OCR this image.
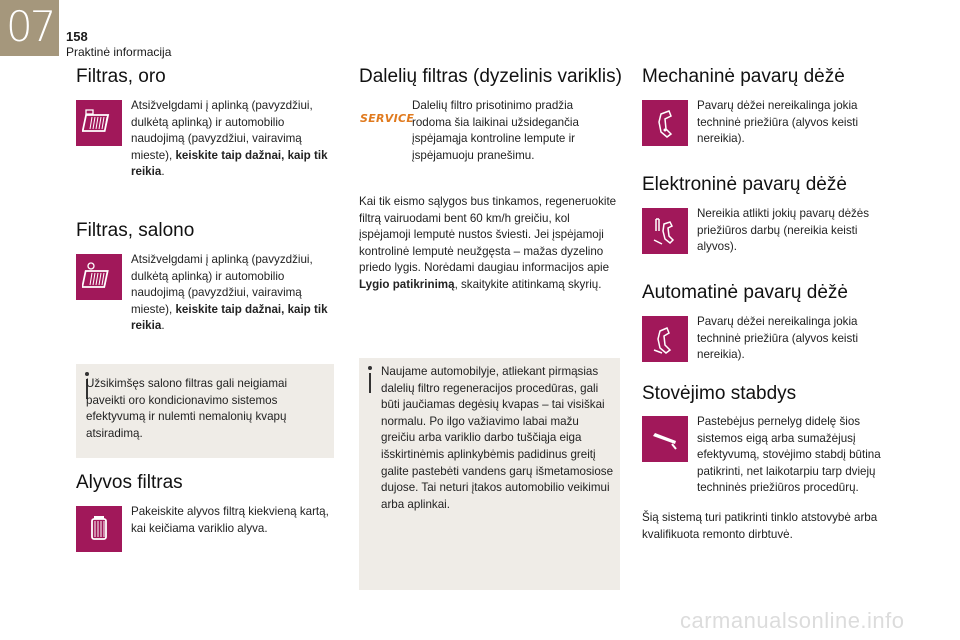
07 158
Praktinė informacija
Filtras, oro
Atsižvelgdami į aplinką (pavyzdžiui, dulkėtą aplinką) ir automobilio naudojimą (pavyzdžiui, vairavimą mieste), keiskite taip dažnai, kaip tik reikia.
Filtras, salono
Atsižvelgdami į aplinką (pavyzdžiui, dulkėtą aplinką) ir automobilio naudojimą (pavyzdžiui, vairavimą mieste), keiskite taip dažnai, kaip tik reikia.
Užsikimšęs salono filtras gali neigiamai paveikti oro kondicionavimo sistemos efektyvumą ir nulemti nemalonių kvapų atsiradimą.
Alyvos filtras
Pakeiskite alyvos filtrą kiekvieną kartą, kai keičiama variklio alyva.
Dalelių filtras (dyzelinis variklis)
SERVICE
Dalelių filtro prisotinimo pradžia rodoma šia laikinai užsidegančia įspėjamąja kontroline lempute ir įspėjamuoju pranešimu.
Kai tik eismo sąlygos bus tinkamos, regeneruokite filtrą vairuodami bent 60 km/h greičiu, kol įspėjamoji lemputė nustos šviesti. Jei įspėjamoji kontrolinė lemputė neužgęsta – mažas dyzelino priedo lygis. Norėdami daugiau informacijos apie Lygio patikrinimą, skaitykite atitinkamą skyrių.
Naujame automobilyje, atliekant pirmąsias dalelių filtro regeneracijos procedūras, gali būti jaučiamas degėsių kvapas – tai visiškai normalu. Po ilgo važiavimo labai mažu greičiu arba variklio darbo tuščiąja eiga išskirtinėmis aplinkybėmis padidinus greitį galite pastebėti vandens garų išmetamosiose dujose. Tai neturi įtakos automobilio veikimui arba aplinkai.
Mechaninė pavarų dėžė
Pavarų dėžei nereikalinga jokia techninė priežiūra (alyvos keisti nereikia).
Elektroninė pavarų dėžė
Nereikia atlikti jokių pavarų dėžės priežiūros darbų (nereikia keisti alyvos).
Automatinė pavarų dėžė
Pavarų dėžei nereikalinga jokia techninė priežiūra (alyvos keisti nereikia).
Stovėjimo stabdys
Pastebėjus pernelyg didelę šios sistemos eigą arba sumažėjusį efektyvumą, stovėjimo stabdį būtina patikrinti, net laikotarpiu tarp dviejų techninės priežiūros procedūrų.
Šią sistemą turi patikrinti tinklo atstovybė arba kvalifikuota remonto dirbtuvė.
carmanualsonline.info
